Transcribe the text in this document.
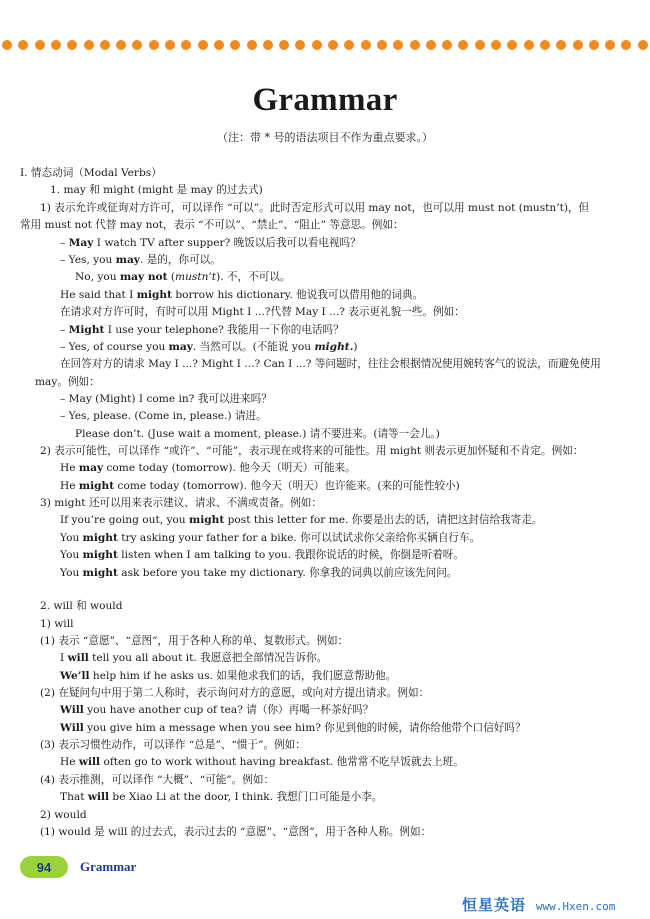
Grammar
（注：带 * 号的语法项目不作为重点要求。）
I. 情态动词（Modal Verbs）
1. may 和 might (might 是 may 的过去式)
1) 表示允许或征询对方许可，可以译作 “可以”。此时否定形式可以用 may not，也可以用 must not (mustn’t)，但
常用 must not 代替 may not，表示 “不可以”、“禁止”、“阻止” 等意思。例如：
– May I watch TV after supper? 晚饭以后我可以看电视吗？
– Yes, you may. 是的，你可以。
No, you may not (mustn’t). 不，不可以。
He said that I might borrow his dictionary. 他说我可以借用他的词典。
在请求对方许可时，有时可以用 Might I ...?代替 May I ...? 表示更礼貌一些。例如：
– Might I use your telephone? 我能用一下你的电话吗？
– Yes, of course you may. 当然可以。(不能说 you might.)
在回答对方的请求 May I ...? Might I ...? Can I ...? 等问题时，往往会根据情况使用婉转客气的说法，而避免使用
may。例如：
– May (Might) I come in? 我可以进来吗？
– Yes, please. (Come in, please.) 请进。
Please don’t. (Juse wait a moment, please.) 请不要进来。(请等一会儿。)
2) 表示可能性，可以译作 “或许”、“可能”，表示现在或将来的可能性。用 might 则表示更加怀疑和不肯定。例如：
He may come today (tomorrow). 他今天（明天）可能来。
He might come today (tomorrow). 他今天（明天）也许能来。(来的可能性较小)
3) might 还可以用来表示建议、请求、不满或责备。例如：
If you’re going out, you might post this letter for me. 你要是出去的话，请把这封信给我寄走。
You might try asking your father for a bike. 你可以试试求你父亲给你买辆自行车。
You might listen when I am talking to you. 我跟你说话的时候，你倒是听着呀。
You might ask before you take my dictionary. 你拿我的词典以前应该先问问。
2. will 和 would
1) will
(1) 表示 “意愿”、“意图”，用于各种人称的单、复数形式。例如：
I will tell you all about it. 我愿意把全部情况告诉你。
We’ll help him if he asks us. 如果他求我们的话，我们愿意帮助他。
(2) 在疑问句中用于第二人称时，表示询问对方的意愿，或向对方提出请求。例如：
Will you have another cup of tea? 请（你）再喝一杯茶好吗？
Will you give him a message when you see him? 你见到他的时候，请你给他带个口信好吗？
(3) 表示习惯性动作，可以译作 “总是”、“惯于”。例如：
He will often go to work without having breakfast. 他常常不吃早饭就去上班。
(4) 表示推测，可以译作 “大概”、“可能”。例如：
That will be Xiao Li at the door, I think. 我想门口可能是小李。
2) would
(1) would 是 will 的过去式，表示过去的 “意愿”、“意图”，用于各种人称。例如：
94	Grammar
恒星英语 www.Hxen.com
